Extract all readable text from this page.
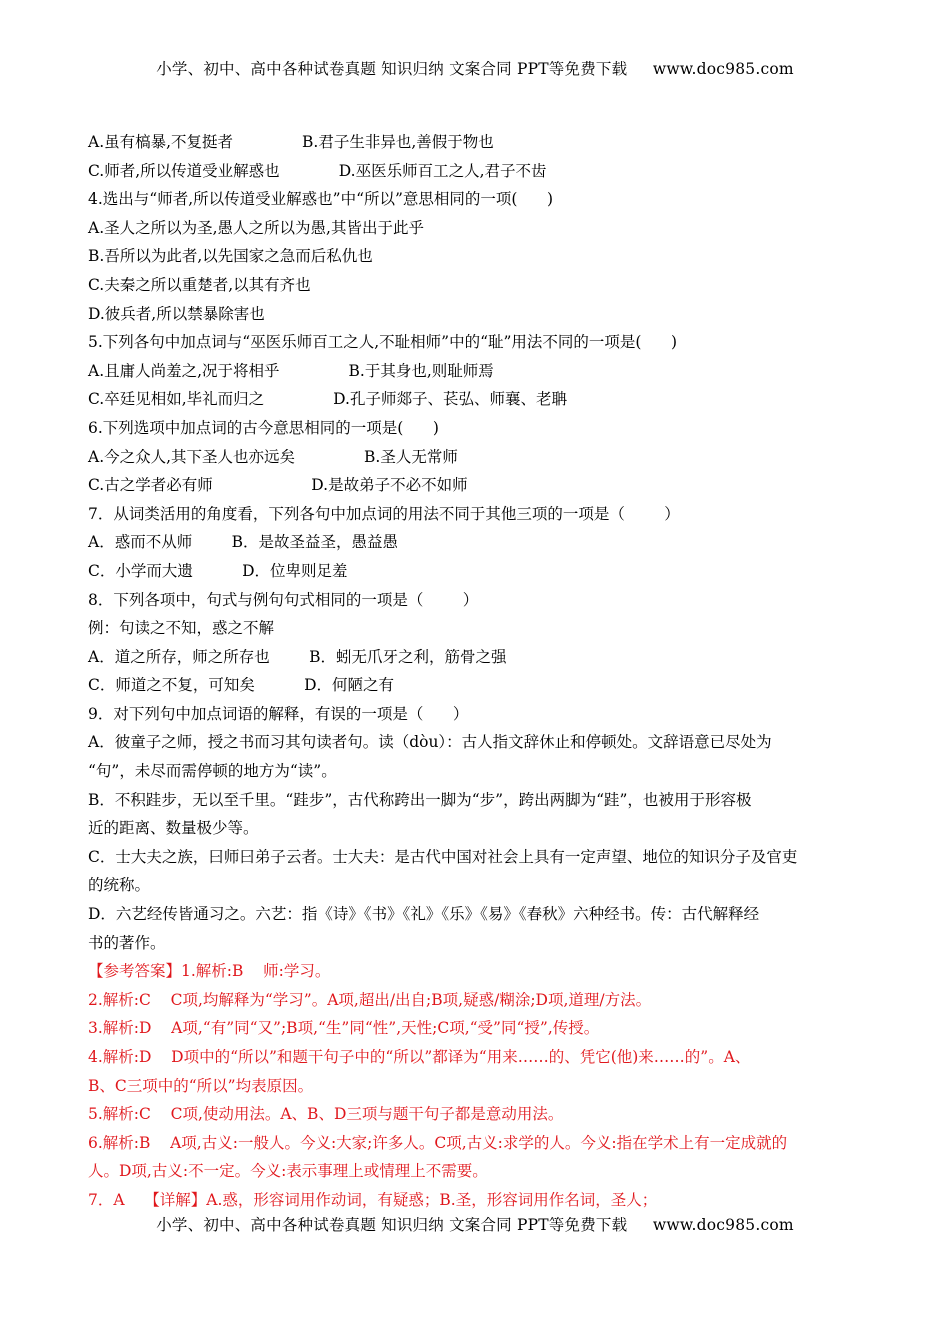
小学、初中、高中各种试卷真题 知识归纳 文案合同 PPT等免费下载     www.doc985.com
A.虽有槁暴,不复挺者              B.君子生非异也,善假于物也
C.师者,所以传道受业解惑也            D.巫医乐师百工之人,君子不齿
4.选出与“师者,所以传道受业解惑也”中“所以”意思相同的一项(      )
A.圣人之所以为圣,愚人之所以为愚,其皆出于此乎
B.吾所以为此者,以先国家之急而后私仇也
C.夫秦之所以重楚者,以其有齐也
D.彼兵者,所以禁暴除害也
5.下列各句中加点词与“巫医乐师百工之人,不耻相师”中的“耻”用法不同的一项是(      )
A.且庸人尚羞之,况于将相乎              B.于其身也,则耻师焉
C.卒廷见相如,毕礼而归之              D.孔子师郯子、苌弘、师襄、老聃
6.下列选项中加点词的古今意思相同的一项是(      )
A.今之众人,其下圣人也亦远矣              B.圣人无常师
C.古之学者必有师                    D.是故弟子不必不如师
7．从词类活用的角度看，下列各句中加点词的用法不同于其他三项的一项是（        ）
A．惑而不从师        B．是故圣益圣，愚益愚
C．小学而大遗          D．位卑则足羞
8．下列各项中，句式与例句句式相同的一项是（        ）
例：句读之不知，惑之不解
A．道之所存，师之所存也        B．蚓无爪牙之利，筋骨之强
C．师道之不复，可知矣          D．何陋之有
9．对下列句中加点词语的解释，有误的一项是（      ）
A．彼童子之师，授之书而习其句读者句。读（dòu）：古人指文辞休止和停顿处。文辞语意已尽处为
“句”，未尽而需停顿的地方为“读”。
B．不积跬步，无以至千里。“跬步”，古代称跨出一脚为“步”，跨出两脚为“跬”，也被用于形容极
近的距离、数量极少等。
C．士大夫之族，曰师曰弟子云者。士大夫：是古代中国对社会上具有一定声望、地位的知识分子及官吏
的统称。
D．六艺经传皆通习之。六艺：指《诗》《书》《礼》《乐》《易》《春秋》六种经书。传：古代解释经
书的著作。
【参考答案】1.解析:B    师:学习。
2.解析:C    C项,均解释为“学习”。A项,超出/出自;B项,疑惑/糊涂;D项,道理/方法。
3.解析:D    A项,“有”同“又”;B项,“生”同“性”,天性;C项,“受”同“授”,传授。
4.解析:D    D项中的“所以”和题干句子中的“所以”都译为“用来……的、凭它(他)来……的”。A、
B、C三项中的“所以”均表原因。
5.解析:C    C项,使动用法。A、B、D三项与题干句子都是意动用法。
6.解析:B    A项,古义:一般人。今义:大家;许多人。C项,古义:求学的人。今义:指在学术上有一定成就的
人。D项,古义:不一定。今义:表示事理上或情理上不需要。
7．A    【详解】A.惑，形容词用作动词，有疑惑；B.圣，形容词用作名词，圣人；
小学、初中、高中各种试卷真题 知识归纳 文案合同 PPT等免费下载     www.doc985.com
